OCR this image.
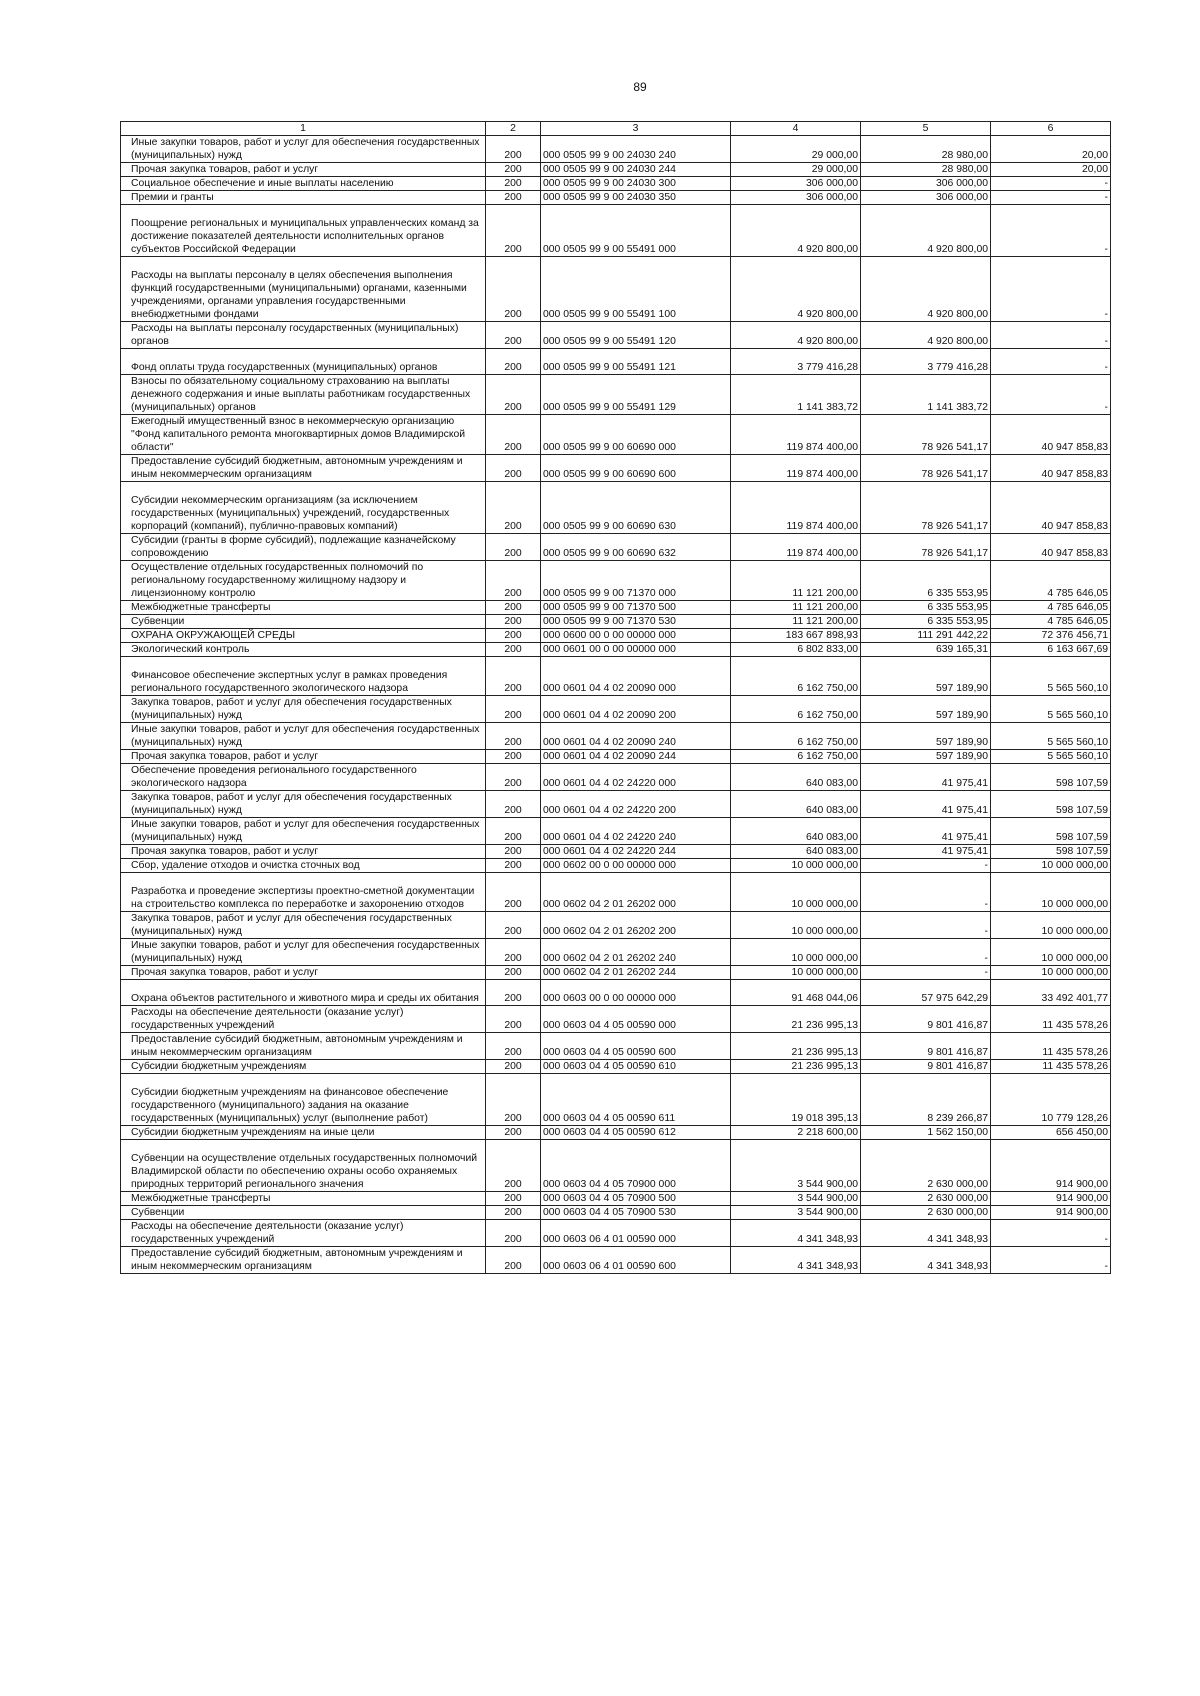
89
1	2	3	4	5	6
Иные закупки товаров, работ и услуг для обеспечения государственных (муниципальных) нужд	200	000 0505 99 9 00 24030 240	29 000,00	28 980,00	20,00
Прочая закупка товаров, работ и услуг	200	000 0505 99 9 00 24030 244	29 000,00	28 980,00	20,00
Социальное обеспечение и иные выплаты населению	200	000 0505 99 9 00 24030 300	306 000,00	306 000,00	-
Премии и гранты	200	000 0505 99 9 00 24030 350	306 000,00	306 000,00	-
Поощрение региональных и муниципальных управленческих команд за достижение показателей деятельности исполнительных органов субъектов Российской Федерации	200	000 0505 99 9 00 55491 000	4 920 800,00	4 920 800,00	-
Расходы на выплаты персоналу в целях обеспечения выполнения функций государственными (муниципальными) органами, казенными учреждениями, органами управления государственными внебюджетными фондами	200	000 0505 99 9 00 55491 100	4 920 800,00	4 920 800,00	-
Расходы на выплаты персоналу государственных (муниципальных) органов	200	000 0505 99 9 00 55491 120	4 920 800,00	4 920 800,00	-
Фонд оплаты труда государственных (муниципальных) органов	200	000 0505 99 9 00 55491 121	3 779 416,28	3 779 416,28	-
Взносы по обязательному социальному страхованию на выплаты денежного содержания и иные выплаты работникам государственных (муниципальных) органов	200	000 0505 99 9 00 55491 129	1 141 383,72	1 141 383,72	-
Ежегодный имущественный взнос в некоммерческую организацию "Фонд капитального ремонта многоквартирных домов Владимирской области"	200	000 0505 99 9 00 60690 000	119 874 400,00	78 926 541,17	40 947 858,83
Предоставление субсидий бюджетным, автономным учреждениям и иным некоммерческим организациям	200	000 0505 99 9 00 60690 600	119 874 400,00	78 926 541,17	40 947 858,83
Субсидии некоммерческим организациям (за исключением государственных (муниципальных) учреждений, государственных корпораций (компаний), публично-правовых компаний)	200	000 0505 99 9 00 60690 630	119 874 400,00	78 926 541,17	40 947 858,83
Субсидии (гранты в форме субсидий), подлежащие казначейскому сопровождению	200	000 0505 99 9 00 60690 632	119 874 400,00	78 926 541,17	40 947 858,83
Осуществление отдельных государственных полномочий по региональному государственному жилищному надзору и лицензионному контролю	200	000 0505 99 9 00 71370 000	11 121 200,00	6 335 553,95	4 785 646,05
Межбюджетные трансферты	200	000 0505 99 9 00 71370 500	11 121 200,00	6 335 553,95	4 785 646,05
Субвенции	200	000 0505 99 9 00 71370 530	11 121 200,00	6 335 553,95	4 785 646,05
ОХРАНА ОКРУЖАЮЩЕЙ СРЕДЫ	200	000 0600 00 0 00 00000 000	183 667 898,93	111 291 442,22	72 376 456,71
Экологический контроль	200	000 0601 00 0 00 00000 000	6 802 833,00	639 165,31	6 163 667,69
Финансовое обеспечение экспертных услуг в рамках проведения регионального государственного экологического надзора	200	000 0601 04 4 02 20090 000	6 162 750,00	597 189,90	5 565 560,10
Закупка товаров, работ и услуг для обеспечения государственных (муниципальных) нужд	200	000 0601 04 4 02 20090 200	6 162 750,00	597 189,90	5 565 560,10
Иные закупки товаров, работ и услуг для обеспечения государственных (муниципальных) нужд	200	000 0601 04 4 02 20090 240	6 162 750,00	597 189,90	5 565 560,10
Прочая закупка товаров, работ и услуг	200	000 0601 04 4 02 20090 244	6 162 750,00	597 189,90	5 565 560,10
Обеспечение проведения регионального государственного экологического надзора	200	000 0601 04 4 02 24220 000	640 083,00	41 975,41	598 107,59
Закупка товаров, работ и услуг для обеспечения государственных (муниципальных) нужд	200	000 0601 04 4 02 24220 200	640 083,00	41 975,41	598 107,59
Иные закупки товаров, работ и услуг для обеспечения государственных (муниципальных) нужд	200	000 0601 04 4 02 24220 240	640 083,00	41 975,41	598 107,59
Прочая закупка товаров, работ и услуг	200	000 0601 04 4 02 24220 244	640 083,00	41 975,41	598 107,59
Сбор, удаление отходов и очистка сточных вод	200	000 0602 00 0 00 00000 000	10 000 000,00	-	10 000 000,00
Разработка и проведение экспертизы проектно-сметной документации на строительство комплекса по переработке и захоронению отходов	200	000 0602 04 2 01 26202 000	10 000 000,00	-	10 000 000,00
Закупка товаров, работ и услуг для обеспечения государственных (муниципальных) нужд	200	000 0602 04 2 01 26202 200	10 000 000,00	-	10 000 000,00
Иные закупки товаров, работ и услуг для обеспечения государственных (муниципальных) нужд	200	000 0602 04 2 01 26202 240	10 000 000,00	-	10 000 000,00
Прочая закупка товаров, работ и услуг	200	000 0602 04 2 01 26202 244	10 000 000,00	-	10 000 000,00
Охрана объектов растительного и животного мира и среды их обитания	200	000 0603 00 0 00 00000 000	91 468 044,06	57 975 642,29	33 492 401,77
Расходы на обеспечение деятельности (оказание услуг) государственных учреждений	200	000 0603 04 4 05 00590 000	21 236 995,13	9 801 416,87	11 435 578,26
Предоставление субсидий бюджетным, автономным учреждениям и иным некоммерческим организациям	200	000 0603 04 4 05 00590 600	21 236 995,13	9 801 416,87	11 435 578,26
Субсидии бюджетным учреждениям	200	000 0603 04 4 05 00590 610	21 236 995,13	9 801 416,87	11 435 578,26
Субсидии бюджетным учреждениям на финансовое обеспечение государственного (муниципального) задания на оказание государственных (муниципальных) услуг (выполнение работ)	200	000 0603 04 4 05 00590 611	19 018 395,13	8 239 266,87	10 779 128,26
Субсидии бюджетным учреждениям на иные цели	200	000 0603 04 4 05 00590 612	2 218 600,00	1 562 150,00	656 450,00
Субвенции на осуществление отдельных государственных полномочий Владимирской области по обеспечению охраны особо охраняемых природных территорий регионального значения	200	000 0603 04 4 05 70900 000	3 544 900,00	2 630 000,00	914 900,00
Межбюджетные трансферты	200	000 0603 04 4 05 70900 500	3 544 900,00	2 630 000,00	914 900,00
Субвенции	200	000 0603 04 4 05 70900 530	3 544 900,00	2 630 000,00	914 900,00
Расходы на обеспечение деятельности (оказание услуг) государственных учреждений	200	000 0603 06 4 01 00590 000	4 341 348,93	4 341 348,93	-
Предоставление субсидий бюджетным, автономным учреждениям и иным некоммерческим организациям	200	000 0603 06 4 01 00590 600	4 341 348,93	4 341 348,93	-
